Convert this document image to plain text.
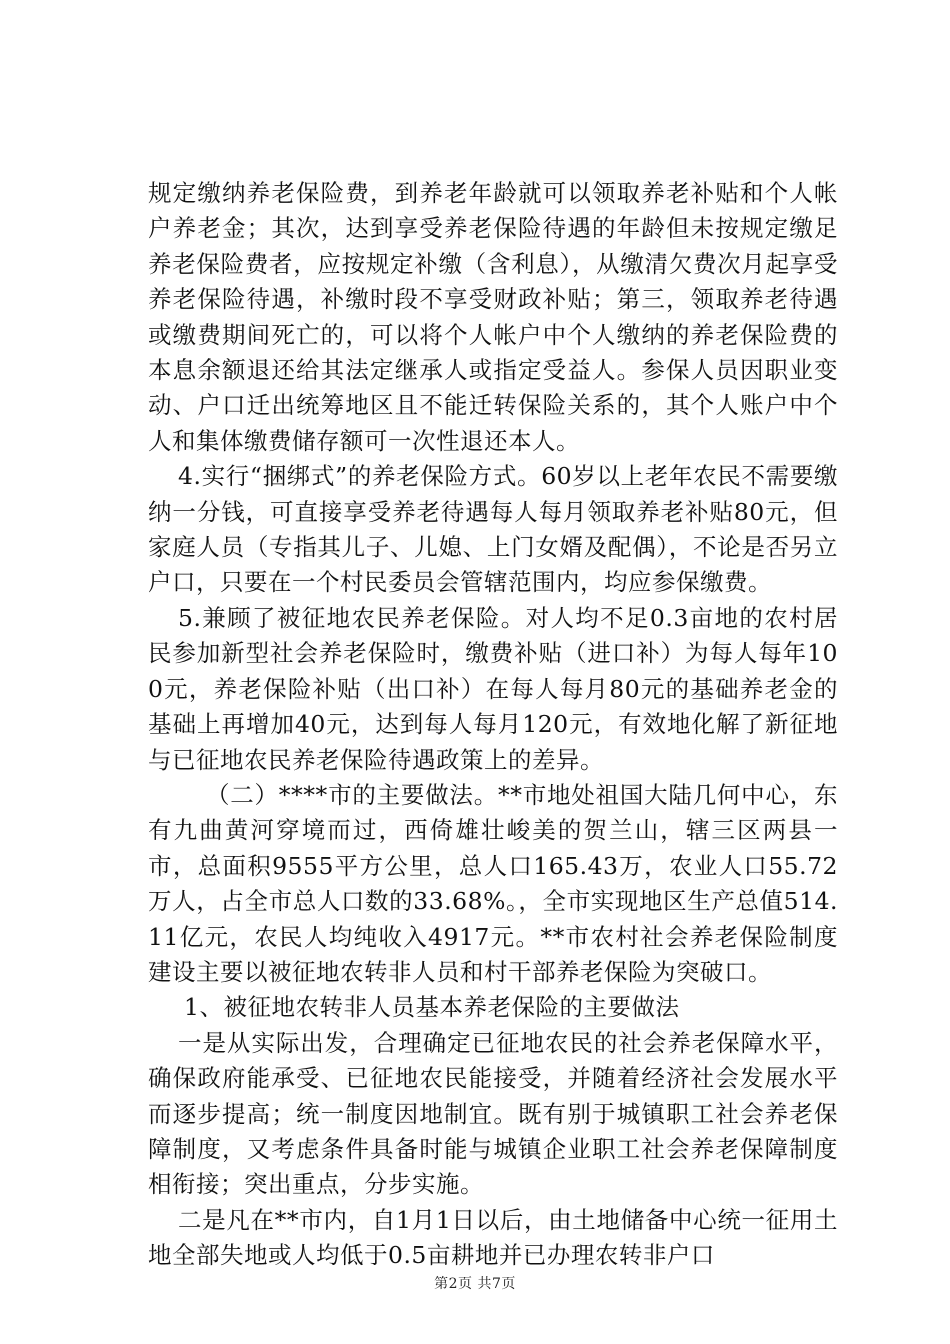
规定缴纳养老保险费，到养老年龄就可以领取养老补贴和个人帐户养老金；其次，达到享受养老保险待遇的年龄但未按规定缴足养老保险费者，应按规定补缴（含利息），从缴清欠费次月起享受养老保险待遇，补缴时段不享受财政补贴；第三，领取养老待遇或缴费期间死亡的，可以将个人帐户中个人缴纳的养老保险费的本息余额退还给其法定继承人或指定受益人。参保人员因职业变动、户口迁出统筹地区且不能迁转保险关系的，其个人账户中个人和集体缴费储存额可一次性退还本人。

4.实行“捆绑式”的养老保险方式。60岁以上老年农民不需要缴纳一分钱，可直接享受养老待遇每人每月领取养老补贴80元，但家庭人员（专指其儿子、儿媳、上门女婿及配偶），不论是否另立户口，只要在一个村民委员会管辖范围内，均应参保缴费。

5.兼顾了被征地农民养老保险。对人均不足0.3亩地的农村居民参加新型社会养老保险时，缴费补贴（进口补）为每人每年100元，养老保险补贴（出口补）在每人每月80元的基础养老金的基础上再增加40元，达到每人每月120元，有效地化解了新征地与已征地农民养老保险待遇政策上的差异。

（二）****市的主要做法。**市地处祖国大陆几何中心，东有九曲黄河穿境而过，西倚雄壮峻美的贺兰山，辖三区两县一市，总面积9555平方公里，总人口165.43万，农业人口55.72万人，占全市总人口数的33.68%。，全市实现地区生产总值514.11亿元，农民人均纯收入4917元。**市农村社会养老保险制度建设主要以被征地农转非人员和村干部养老保险为突破口。

1、被征地农转非人员基本养老保险的主要做法

一是从实际出发，合理确定已征地农民的社会养老保障水平，确保政府能承受、已征地农民能接受，并随着经济社会发展水平而逐步提高；统一制度因地制宜。既有别于城镇职工社会养老保障制度，又考虑条件具备时能与城镇企业职工社会养老保障制度相衔接；突出重点，分步实施。

二是凡在**市内，自1月1日以后，由土地储备中心统一征用土地全部失地或人均低于0.5亩耕地并已办理农转非户口

第2页 共7页
